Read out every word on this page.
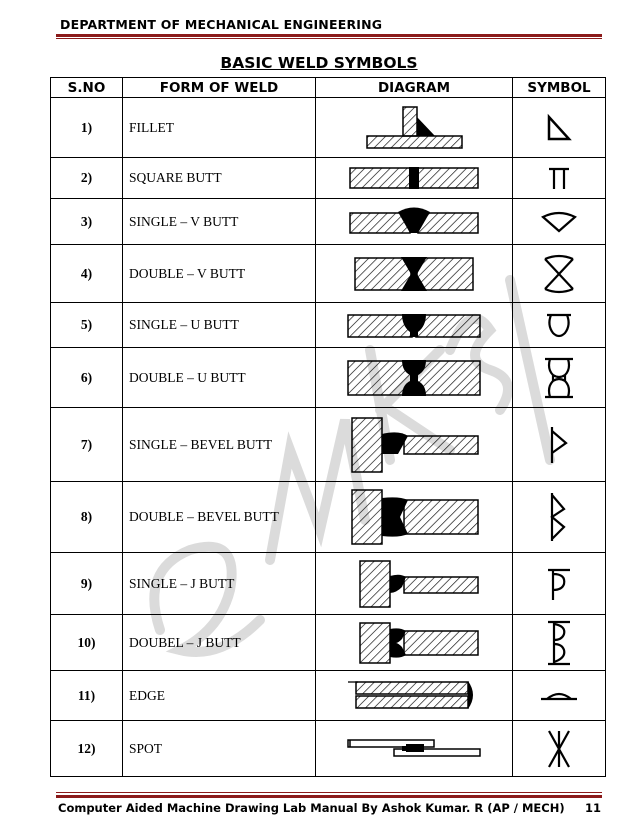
DEPARTMENT OF MECHANICAL ENGINEERING
BASIC WELD SYMBOLS
S.NO	FORM OF WELD	DIAGRAM	SYMBOL
1)	FILLET	

2)	SQUARE BUTT	

3)	SINGLE – V BUTT	

4)	DOUBLE – V BUTT	

5)	SINGLE – U BUTT	

6)	DOUBLE – U BUTT	

7)	SINGLE – BEVEL BUTT	

8)	DOUBLE – BEVEL BUTT	

9)	SINGLE – J BUTT	

10)	DOUBEL – J BUTT	

11)	EDGE	

12)	SPOT	

Computer Aided Machine Drawing Lab Manual By Ashok Kumar. R (AP / MECH) 11
